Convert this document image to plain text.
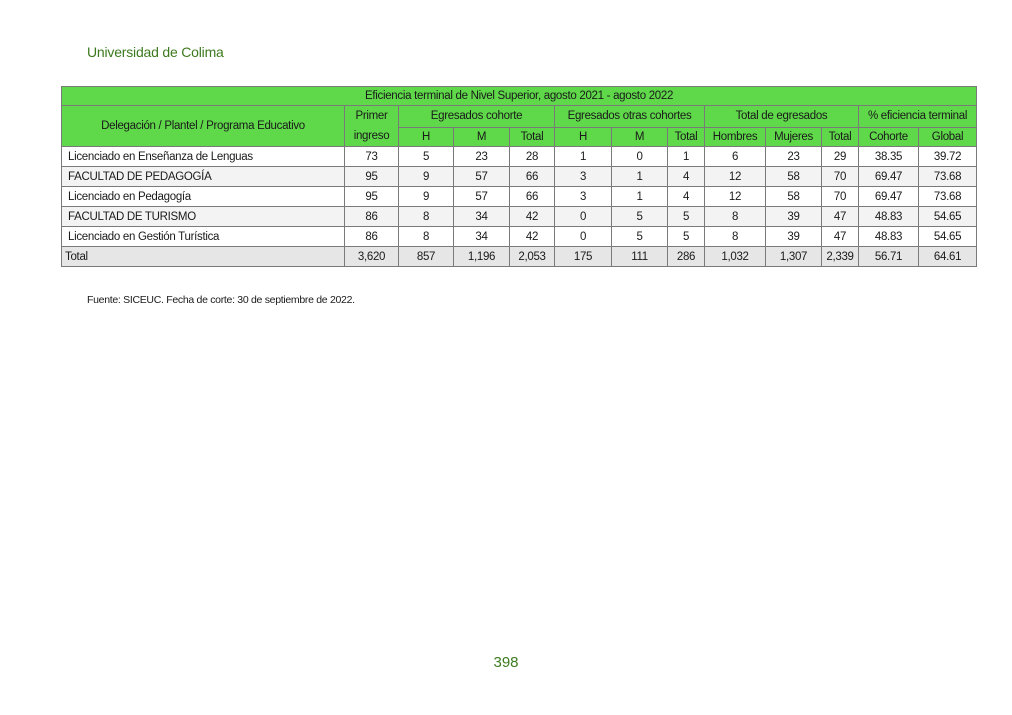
Universidad de Colima
Eficiencia terminal de Nivel Superior, agosto 2021 - agosto 2022												
Delegación / Plantel / Programa Educativo	Primer ingreso	Egresados cohorte			Egresados otras cohortes			Total de egresados			% eficiencia terminal	
		H	M	Total	H	M	Total	Hombres	Mujeres	Total	Cohorte	Global
Licenciado en Enseñanza de Lenguas	73	5	23	28	1	0	1	6	23	29	38.35	39.72
FACULTAD DE PEDAGOGÍA	95	9	57	66	3	1	4	12	58	70	69.47	73.68
Licenciado en Pedagogía	95	9	57	66	3	1	4	12	58	70	69.47	73.68
FACULTAD DE TURISMO	86	8	34	42	0	5	5	8	39	47	48.83	54.65
Licenciado en Gestión Turística	86	8	34	42	0	5	5	8	39	47	48.83	54.65
Total	3,620	857	1,196	2,053	175	111	286	1,032	1,307	2,339	56.71	64.61
Fuente: SICEUC. Fecha de corte: 30 de septiembre de 2022.
398
